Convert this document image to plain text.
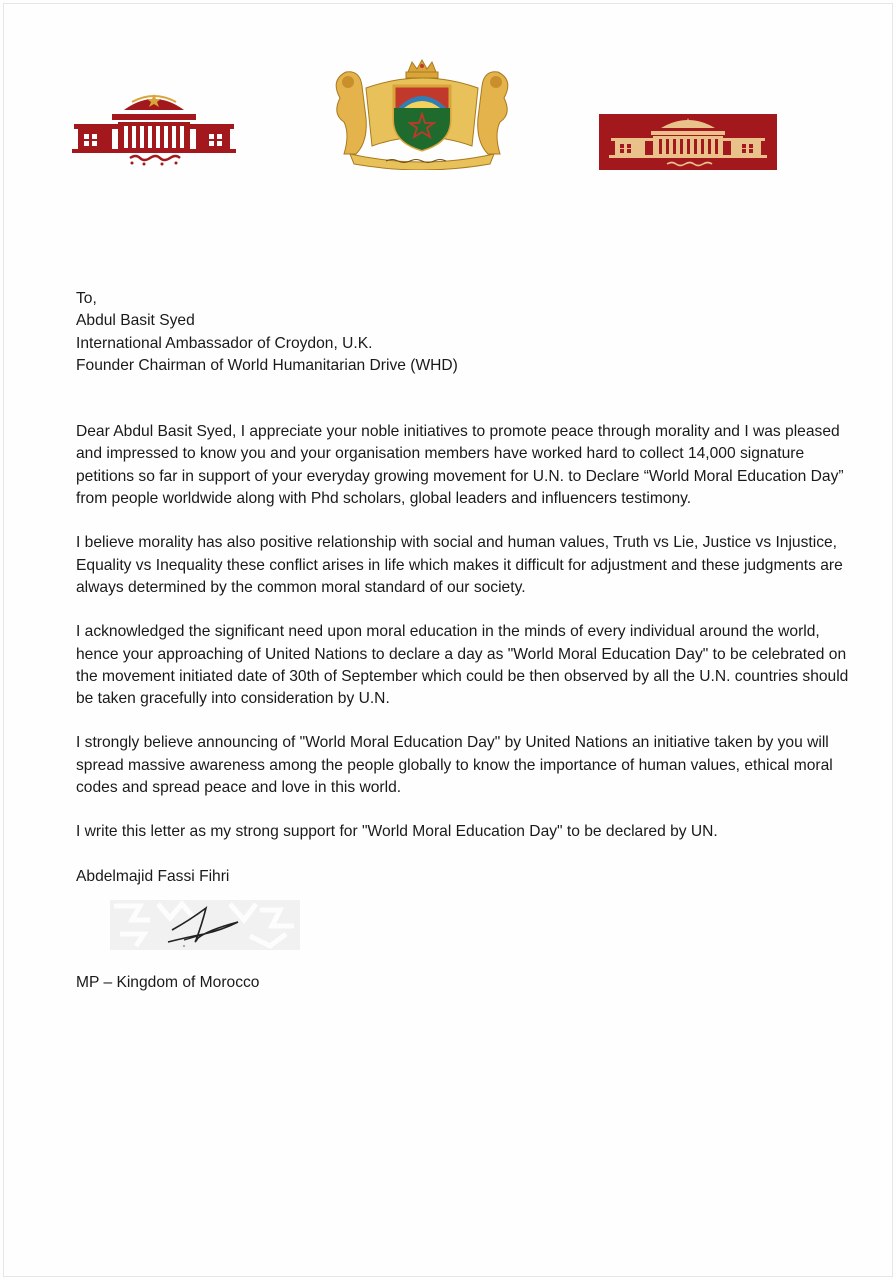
To,

Abdul Basit Syed

International Ambassador of Croydon, U.K.

Founder Chairman of World Humanitarian Drive (WHD)

Dear Abdul Basit Syed, I appreciate your noble initiatives to promote peace through morality and I was pleased and impressed to know you and your organisation members have worked hard to collect 14,000 signature petitions so far in support of your everyday growing movement for U.N. to Declare “World Moral Education Day” from people worldwide along with Phd scholars, global leaders and influencers testimony.

I believe morality has also positive relationship with social and human values, Truth vs Lie, Justice vs Injustice, Equality vs Inequality these conflict arises in life which makes it difficult for adjustment and these judgments are always determined by the common moral standard of our society.

I acknowledged the significant need upon moral education in the minds of every individual around the world, hence your approaching of United Nations to declare a day as "World Moral Education Day" to be celebrated on the movement initiated date of 30th of September which could be then observed by all the U.N. countries should be taken gracefully into consideration by U.N.

I strongly believe announcing of "World Moral Education Day" by United Nations an initiative taken by you will spread massive awareness among the people globally to know the importance of human values, ethical moral codes and spread peace and love in this world.

I write this letter as my strong support for "World Moral Education Day" to be declared by UN.

Abdelmajid Fassi Fihri

MP – Kingdom of Morocco
